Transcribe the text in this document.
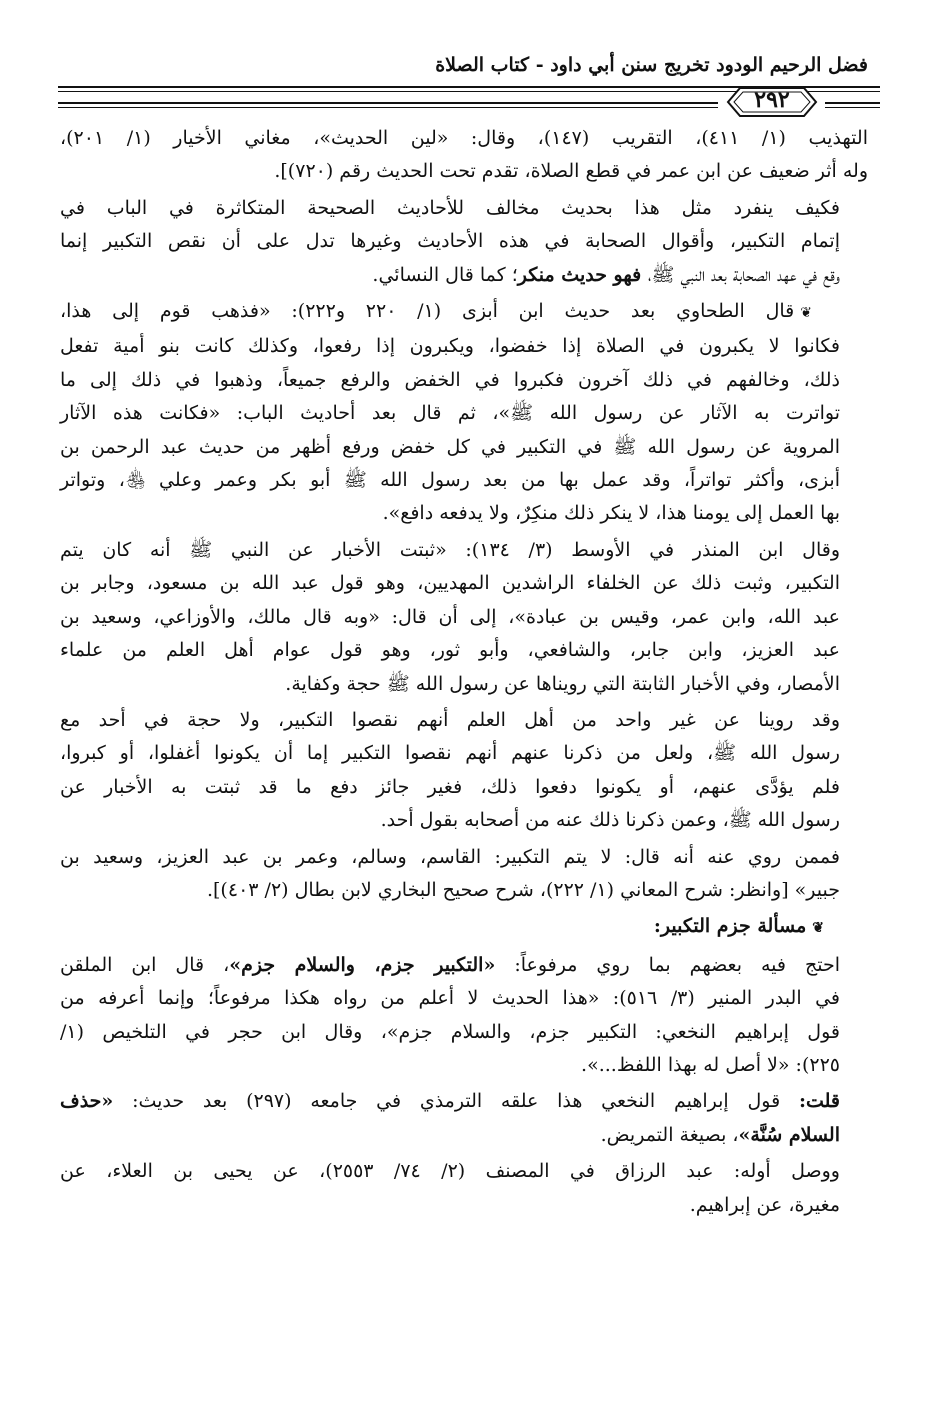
فضل الرحيم الودود تخريج سنن أبي داود - كتاب الصلاة
٢٩٢

التهذيب (١/ ٤١١)، التقريب (١٤٧)، وقال: «لين الحديث»، مغاني الأخيار (١/ ٢٠١)،
وله أثر ضعيف عن ابن عمر في قطع الصلاة، تقدم تحت الحديث رقم (٧٢٠)].

فكيف ينفرد مثل هذا بحديث مخالف للأحاديث الصحيحة المتكاثرة في الباب في
إتمام التكبير، وأقوال الصحابة في هذه الأحاديث وغيرها تدل على أن نقص التكبير إنما
وقع في عهد الصحابة بعد النبي ﷺ، فهو حديث منكر؛ كما قال النسائي.

❦قال الطحاوي بعد حديث ابن أبزى (١/ ٢٢٠ و٢٢٢): «فذهب قوم إلى هذا،
فكانوا لا يكبرون في الصلاة إذا خفضوا، ويكبرون إذا رفعوا، وكذلك كانت بنو أمية تفعل
ذلك، وخالفهم في ذلك آخرون فكبروا في الخفض والرفع جميعاً، وذهبوا في ذلك إلى ما
تواترت به الآثار عن رسول الله ﷺ»، ثم قال بعد أحاديث الباب: «فكانت هذه الآثار
المروية عن رسول الله ﷺ في التكبير في كل خفض ورفع أظهر من حديث عبد الرحمن بن
أبزى، وأكثر تواتراً، وقد عمل بها من بعد رسول الله ﷺ أبو بكر وعمر وعلي ﵃، وتواتر
بها العمل إلى يومنا هذا، لا ينكر ذلك منكِرٌ، ولا يدفعه دافع».

وقال ابن المنذر في الأوسط (٣/ ١٣٤): «ثبتت الأخبار عن النبي ﷺ أنه كان يتم
التكبير، وثبت ذلك عن الخلفاء الراشدين المهديين، وهو قول عبد الله بن مسعود، وجابر بن
عبد الله، وابن عمر، وقيس بن عبادة»، إلى أن قال: «وبه قال مالك، والأوزاعي، وسعيد بن
عبد العزيز، وابن جابر، والشافعي، وأبو ثور، وهو قول عوام أهل العلم من علماء
الأمصار، وفي الأخبار الثابتة التي رويناها عن رسول الله ﷺ حجة وكفاية.

وقد روينا عن غير واحد من أهل العلم أنهم نقصوا التكبير، ولا حجة في أحد مع
رسول الله ﷺ، ولعل من ذكرنا عنهم أنهم نقصوا التكبير إما أن يكونوا أغفلوا، أو كبروا،
فلم يؤدَّى عنهم، أو يكونوا دفعوا ذلك، فغير جائز دفع ما قد ثبتت به الأخبار عن
رسول الله ﷺ، وعمن ذكرنا ذلك عنه من أصحابه بقول أحد.

فممن روي عنه أنه قال: لا يتم التكبير: القاسم، وسالم، وعمر بن عبد العزيز، وسعيد بن
جبير» [وانظر: شرح المعاني (١/ ٢٢٢)، شرح صحيح البخاري لابن بطال (٢/ ٤٠٣)].

❦مسألة جزم التكبير:

احتج فيه بعضهم بما روي مرفوعاً: «التكبير جزم، والسلام جزم»، قال ابن الملقن
في البدر المنير (٣/ ٥١٦): «هذا الحديث لا أعلم من رواه هكذا مرفوعاً؛ وإنما أعرفه من
قول إبراهيم النخعي: التكبير جزم، والسلام جزم»، وقال ابن حجر في التلخيص (١/
٢٢٥): «لا أصل له بهذا اللفظ...».

قلت: قول إبراهيم النخعي هذا علقه الترمذي في جامعه (٢٩٧) بعد حديث: «حذف
السلام سُنَّة»، بصيغة التمريض.

ووصل أوله: عبد الرزاق في المصنف (٢/ ٧٤/ ٢٥٥٣)، عن يحيى بن العلاء، عن
مغيرة، عن إبراهيم.
